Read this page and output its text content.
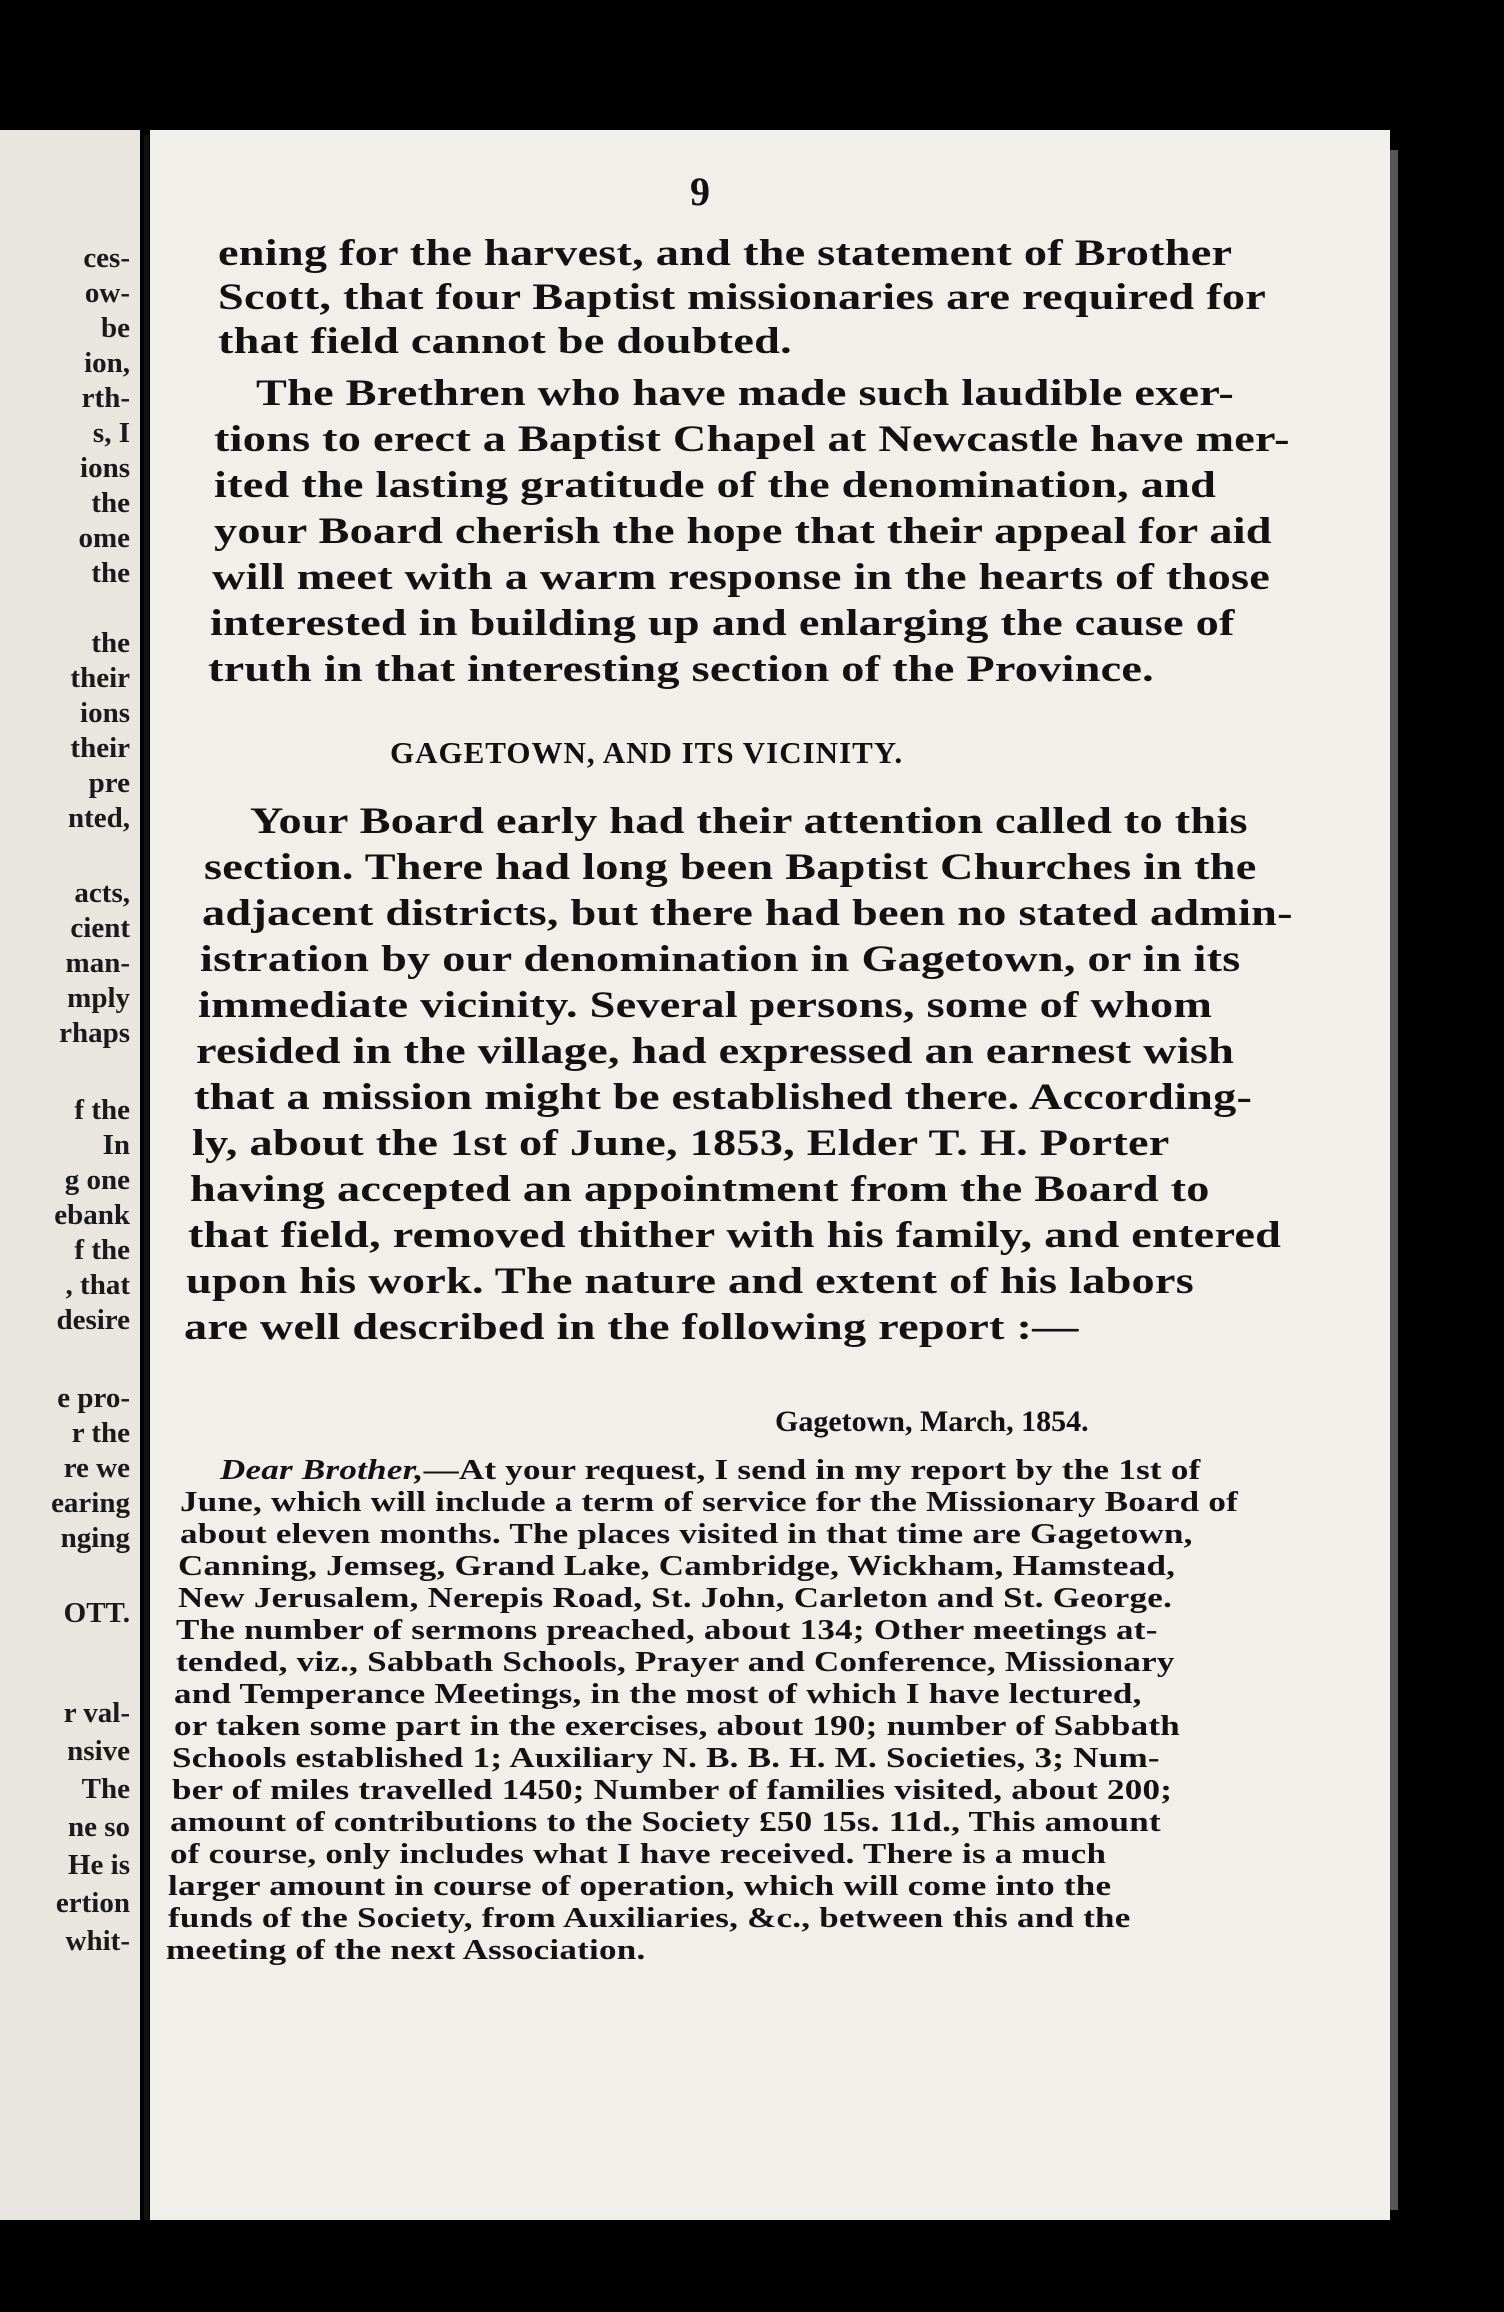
ces-
ow-
be
ion,
rth-
s, I
ions
the
ome
the
the
their
ions
their
pre
nted,
acts,
cient
man-
mply
rhaps
f the
In
g one
ebank
f the
, that
desire
e pro-
r the
re we
earing
nging
OTT.
r val-
nsive
The
ne so
He is
ertion
whit-
9
ening for the harvest, and the statement of Brother
Scott, that four Baptist missionaries are required for
that field cannot be doubted.
The Brethren who have made such laudible exer-
tions to erect a Baptist Chapel at Newcastle have mer-
ited the lasting gratitude of the denomination, and
your Board cherish the hope that their appeal for aid
will meet with a warm response in the hearts of those
interested in building up and enlarging the cause of
truth in that interesting section of the Province.
GAGETOWN, AND ITS VICINITY.
Your Board early had their attention called to this
section. There had long been Baptist Churches in the
adjacent districts, but there had been no stated admin-
istration by our denomination in Gagetown, or in its
immediate vicinity. Several persons, some of whom
resided in the village, had expressed an earnest wish
that a mission might be established there. According-
ly, about the 1st of June, 1853, Elder T. H. Porter
having accepted an appointment from the Board to
that field, removed thither with his family, and entered
upon his work. The nature and extent of his labors
are well described in the following report :—
Gagetown, March, 1854.
Dear Brother,—At your request, I send in my report by the 1st of
June, which will include a term of service for the Missionary Board of
about eleven months. The places visited in that time are Gagetown,
Canning, Jemseg, Grand Lake, Cambridge, Wickham, Hamstead,
New Jerusalem, Nerepis Road, St. John, Carleton and St. George.
The number of sermons preached, about 134; Other meetings at-
tended, viz., Sabbath Schools, Prayer and Conference, Missionary
and Temperance Meetings, in the most of which I have lectured,
or taken some part in the exercises, about 190; number of Sabbath
Schools established 1; Auxiliary N. B. B. H. M. Societies, 3; Num-
ber of miles travelled 1450; Number of families visited, about 200;
amount of contributions to the Society £50 15s. 11d., This amount
of course, only includes what I have received. There is a much
larger amount in course of operation, which will come into the
funds of the Society, from Auxiliaries, &c., between this and the
meeting of the next Association.
